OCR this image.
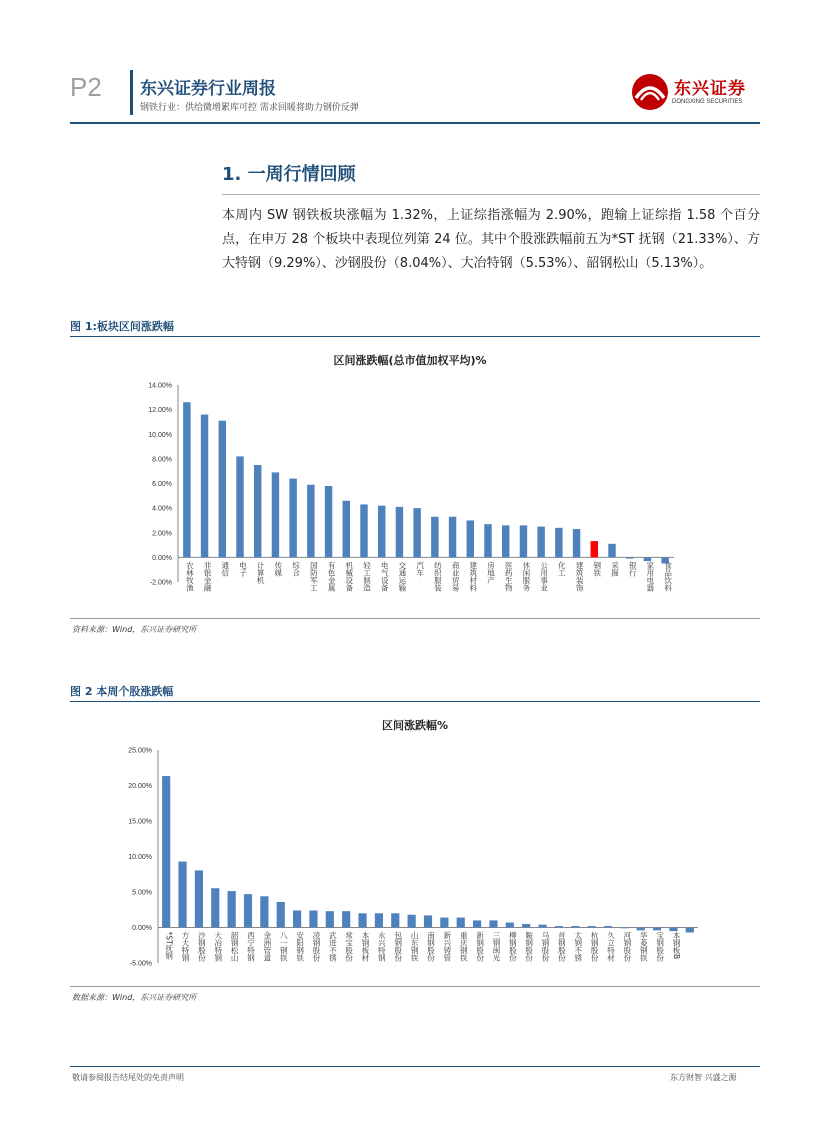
P2 东兴证券行业周报
钢铁行业：供给微增累库可控 需求回暖将助力钢价反弹
东兴证券
DONGXING SECURITIES
1. 一周行情回顾
本周内 SW 钢铁板块涨幅为 1.32%，上证综指涨幅为 2.90%，跑输上证综指 1.58 个百分点，在申万 28 个板块中表现位列第 24 位。其中个股涨跌幅前五为*ST 抚钢（21.33%）、方大特钢（9.29%）、沙钢股份（8.04%）、大冶特钢（5.53%）、韶钢松山（5.13%）。
图 1:板块区间涨跌幅
区间涨跌幅(总市值加权平均)%
14.00%
12.00%
10.00%
8.00%
6.00%
4.00%
2.00%
0.00%
-2.00% 农林牧渔 非银金融 通信 电子 计算机 传媒 综合 国防军工 有色金属 机械设备 轻工制造 电气设备 交通运输 汽车 纺织服装 商业贸易 建筑材料 房地产 医药生物 休闲服务 公用事业 化工 建筑装饰 钢铁 采掘 银行 家用电器 食品饮料
资料来源：Wind，东兴证券研究所
图 2 本周个股涨跌幅
区间涨跌幅%
25.00%
20.00%
15.00%
10.00%
5.00%
0.00%
-5.00%
*ST抚钢 方大特钢 沙钢股份 大冶特钢 韶钢松山 西宁特钢 金洲管道 八一钢铁 安阳钢铁 凌钢股份 武进不锈 常宝股份 本钢板材 永兴特钢 包钢股份 山东钢铁 南钢股份 新兴铸管 重庆钢铁 新钢股份 三钢闽光 柳钢股份 鞍钢股份 马钢股份 首钢股份 太钢不锈 杭钢股份 久立特材 河钢股份 华菱钢铁 宝钢股份 本钢板B
数据来源：Wind，东兴证券研究所
敬请参阅报告结尾处的免责声明	东方财智 兴盛之源
